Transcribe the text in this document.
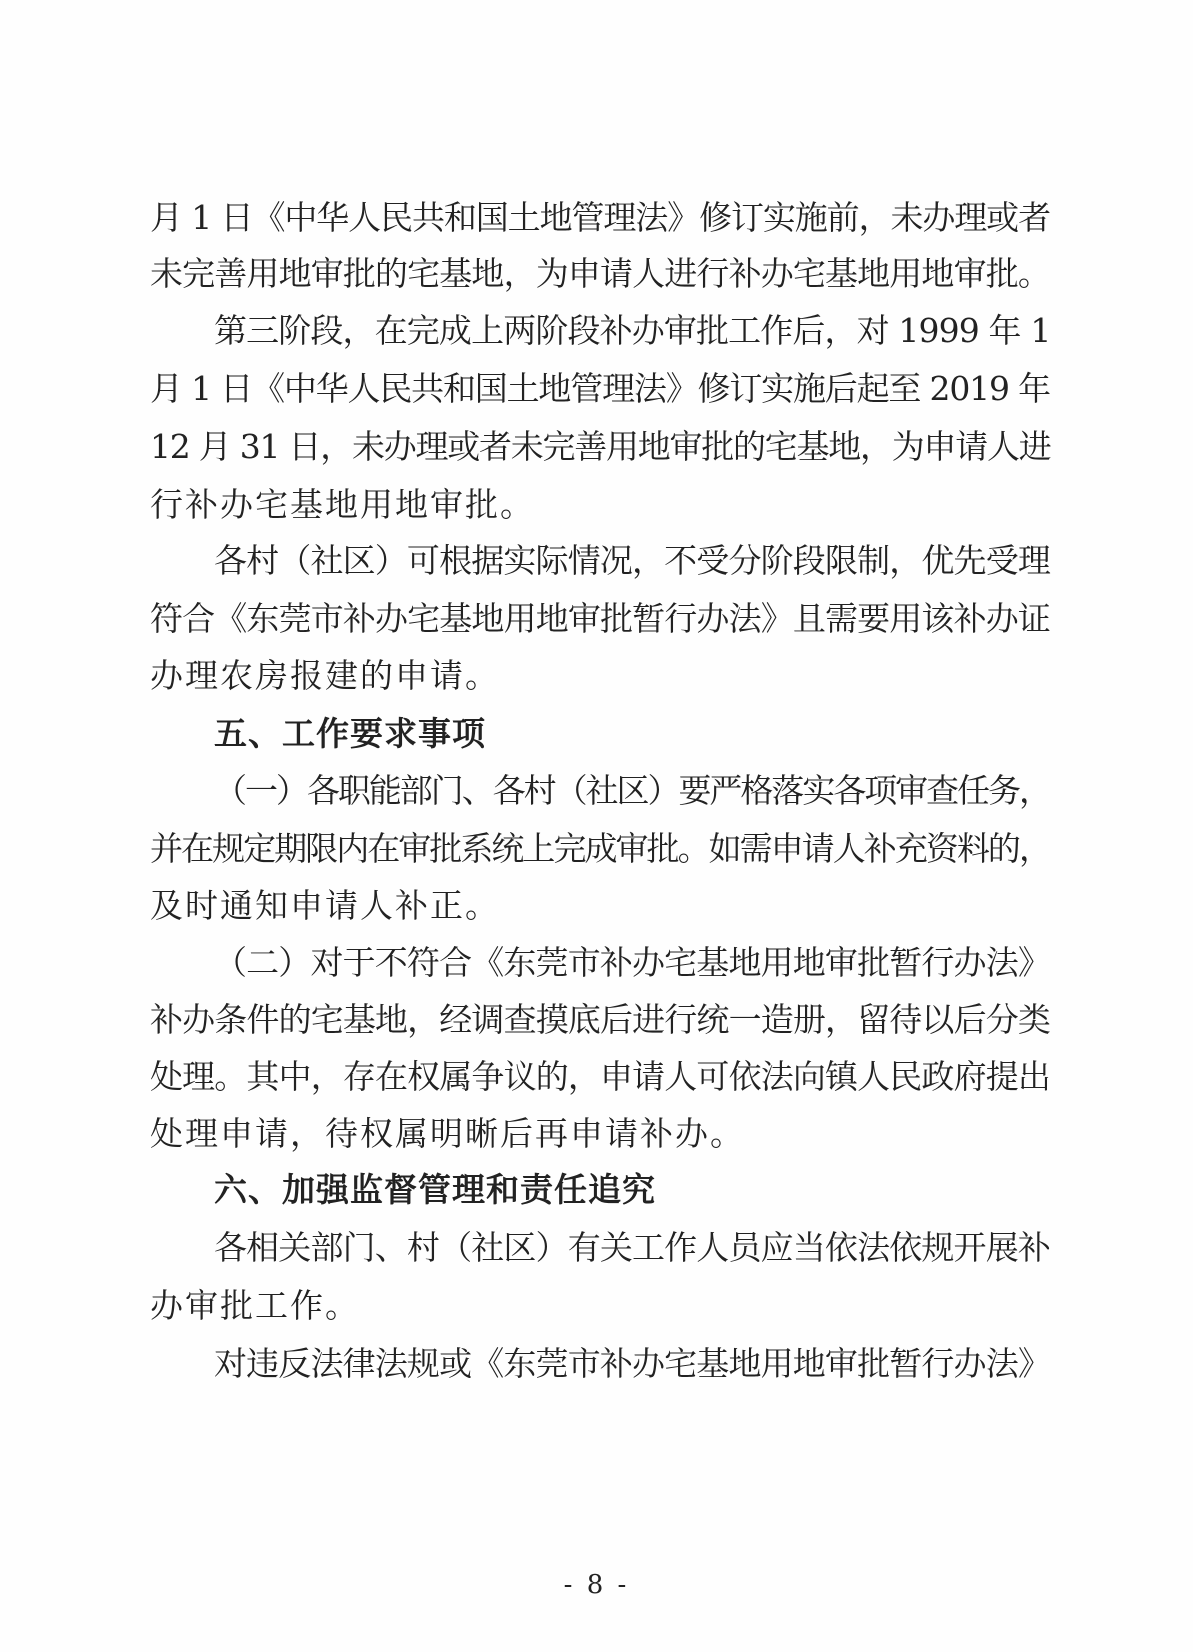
月 1 日《中华人民共和国土地管理法》修订实施前，未办理或者
未完善用地审批的宅基地，为申请人进行补办宅基地用地审批。
第三阶段，在完成上两阶段补办审批工作后，对 1999 年 1
月 1 日《中华人民共和国土地管理法》修订实施后起至 2019 年
12 月 31 日，未办理或者未完善用地审批的宅基地，为申请人进
行补办宅基地用地审批。
各村（社区）可根据实际情况，不受分阶段限制，优先受理
符合《东莞市补办宅基地用地审批暂行办法》且需要用该补办证
办理农房报建的申请。
五、工作要求事项
（一）各职能部门、各村（社区）要严格落实各项审查任务，
并在规定期限内在审批系统上完成审批。如需申请人补充资料的，
及时通知申请人补正。
（二）对于不符合《东莞市补办宅基地用地审批暂行办法》
补办条件的宅基地，经调查摸底后进行统一造册，留待以后分类
处理。其中，存在权属争议的，申请人可依法向镇人民政府提出
处理申请，待权属明晰后再申请补办。
六、加强监督管理和责任追究
各相关部门、村（社区）有关工作人员应当依法依规开展补
办审批工作。
对违反法律法规或《东莞市补办宅基地用地审批暂行办法》
- 8 -
